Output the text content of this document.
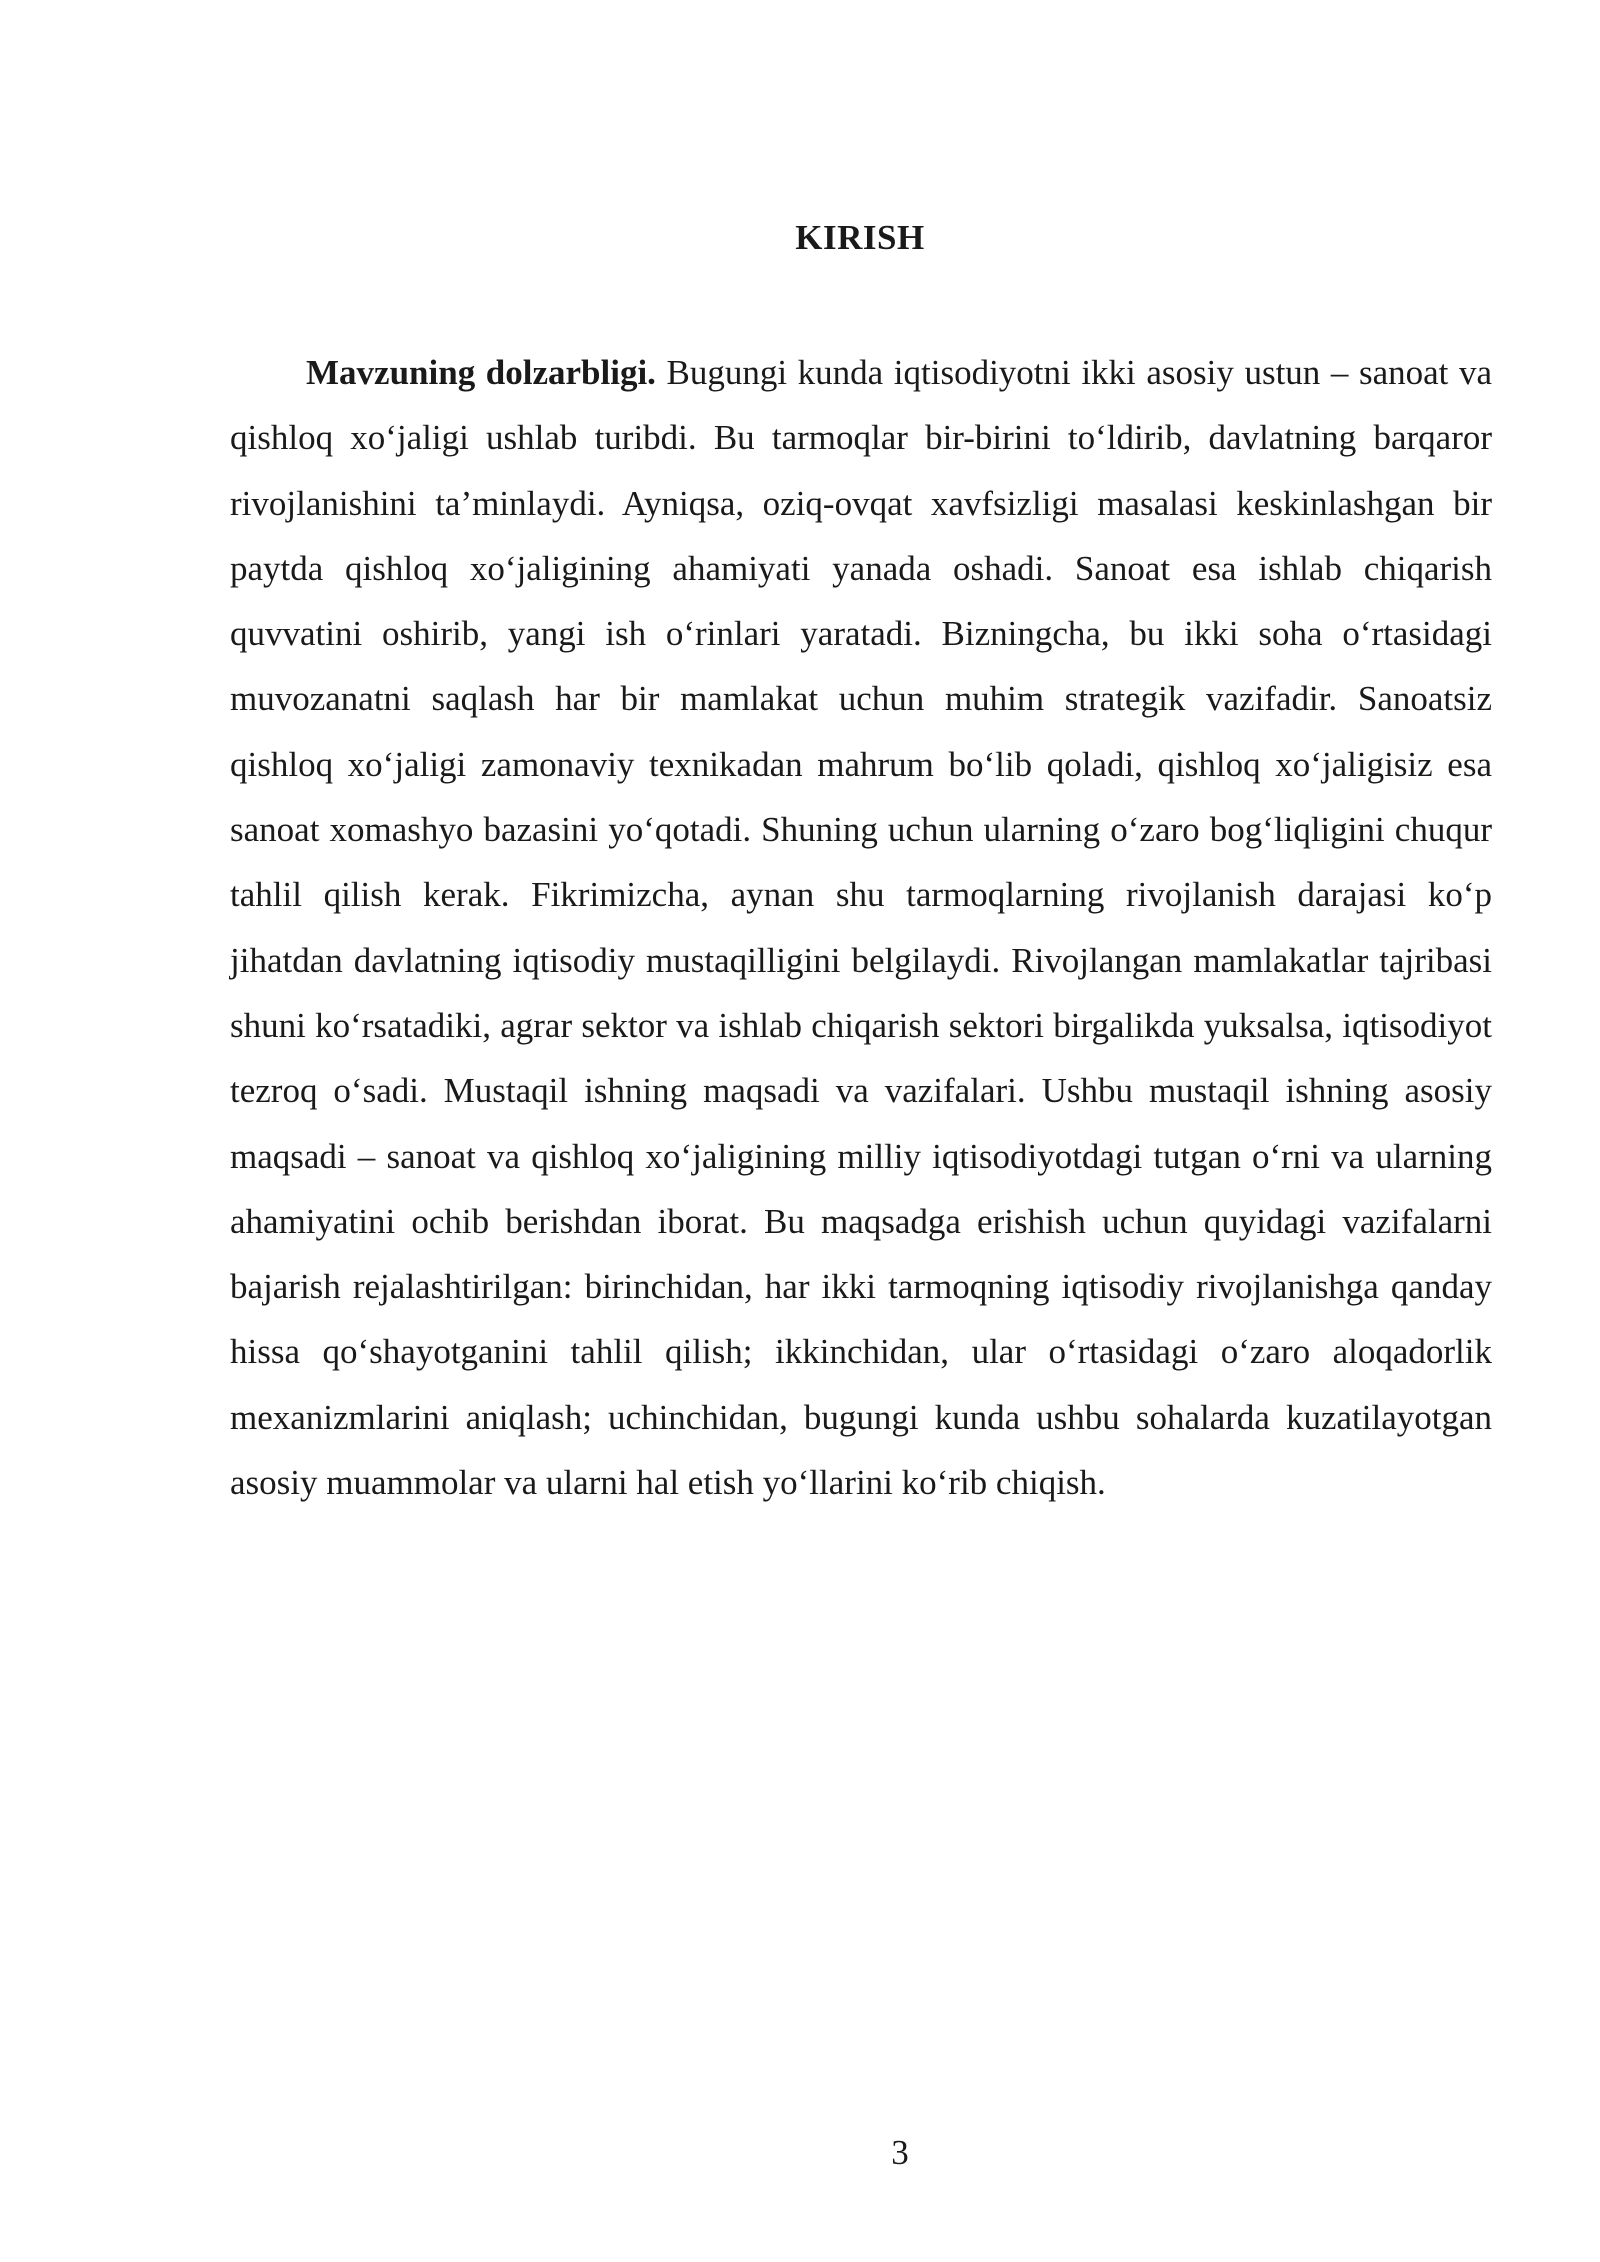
KIRISH

Mavzuning dolzarbligi. Bugungi kunda iqtisodiyotni ikki asosiy ustun – sanoat va qishloq xo‘jaligi ushlab turibdi. Bu tarmoqlar bir-birini to‘ldirib, davlatning barqaror rivojlanishini ta’minlaydi. Ayniqsa, oziq-ovqat xavfsizligi masalasi keskinlashgan bir paytda qishloq xo‘jaligining ahamiyati yanada oshadi. Sanoat esa ishlab chiqarish quvvatini oshirib, yangi ish o‘rinlari yaratadi. Bizningcha, bu ikki soha o‘rtasidagi muvozanatni saqlash har bir mamlakat uchun muhim strategik vazifadir. Sanoatsiz qishloq xo‘jaligi zamonaviy texnikadan mahrum bo‘lib qoladi, qishloq xo‘jaligisiz esa sanoat xomashyo bazasini yo‘qotadi. Shuning uchun ularning o‘zaro bog‘liqligini chuqur tahlil qilish kerak. Fikrimizcha, aynan shu tarmoqlarning rivojlanish darajasi ko‘p jihatdan davlatning iqtisodiy mustaqilligini belgilaydi. Rivojlangan mamlakatlar tajribasi shuni ko‘rsatadiki, agrar sektor va ishlab chiqarish sektori birgalikda yuksalsa, iqtisodiyot tezroq o‘sadi. Mustaqil ishning maqsadi va vazifalari. Ushbu mustaqil ishning asosiy maqsadi – sanoat va qishloq xo‘jaligining milliy iqtisodiyotdagi tutgan o‘rni va ularning ahamiyatini ochib berishdan iborat. Bu maqsadga erishish uchun quyidagi vazifalarni bajarish rejalashtirilgan: birinchidan, har ikki tarmoqning iqtisodiy rivojlanishga qanday hissa qo‘shayotganini tahlil qilish; ikkinchidan, ular o‘rtasidagi o‘zaro aloqadorlik mexanizmlarini aniqlash; uchinchidan, bugungi kunda ushbu sohalarda kuzatilayotgan asosiy muammolar va ularni hal etish yo‘llarini ko‘rib chiqish.

3
